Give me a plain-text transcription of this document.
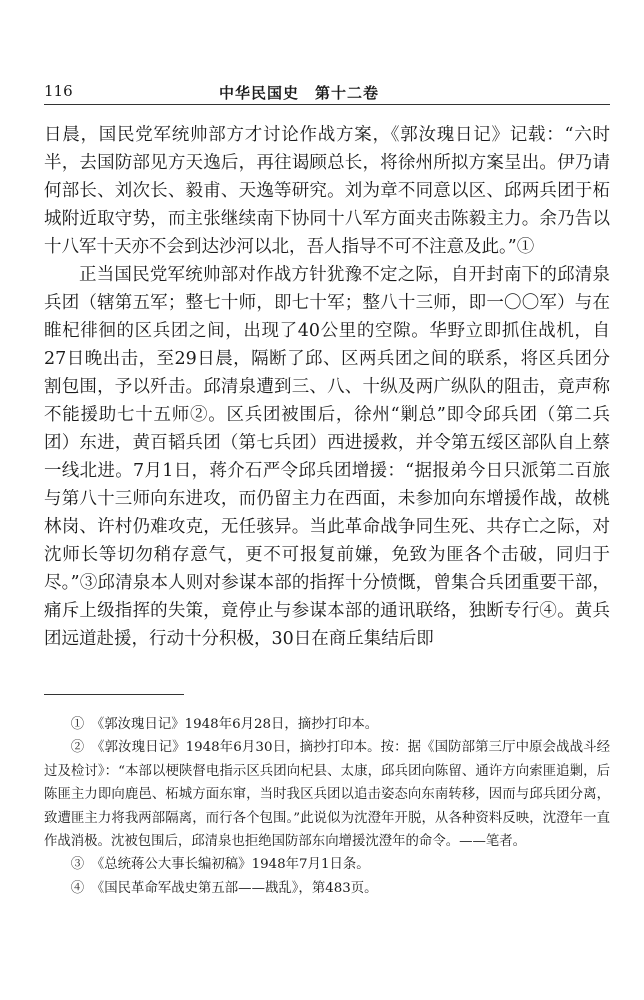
116	中华民国史　第十二卷

日晨，国民党军统帅部方才讨论作战方案，《郭汝瑰日记》记载：“六时半，去国防部见方天逸后，再往谒顾总长，将徐州所拟方案呈出。伊乃请何部长、刘次长、毅甫、天逸等研究。刘为章不同意以区、邱两兵团于柘城附近取守势，而主张继续南下协同十八军方面夹击陈毅主力。余乃告以十八军十天亦不会到达沙河以北，吾人指导不可不注意及此。”①

正当国民党军统帅部对作战方针犹豫不定之际，自开封南下的邱清泉兵团（辖第五军；整七十师，即七十军；整八十三师，即一〇〇军）与在睢杞徘徊的区兵团之间，出现了40公里的空隙。华野立即抓住战机，自27日晚出击，至29日晨，隔断了邱、区两兵团之间的联系，将区兵团分割包围，予以歼击。邱清泉遭到三、八、十纵及两广纵队的阻击，竟声称不能援助七十五师②。区兵团被围后，徐州“剿总”即令邱兵团（第二兵团）东进，黄百韬兵团（第七兵团）西进援救，并令第五绥区部队自上蔡一线北进。7月1日，蒋介石严令邱兵团增援：“据报弟今日只派第二百旅与第八十三师向东进攻，而仍留主力在西面，未参加向东增援作战，故桃林岗、许村仍难攻克，无任骇异。当此革命战争同生死、共存亡之际，对沈师长等切勿稍存意气，更不可报复前嫌，免致为匪各个击破，同归于尽。”③邱清泉本人则对参谋本部的指挥十分愤慨，曾集合兵团重要干部，痛斥上级指挥的失策，竟停止与参谋本部的通讯联络，独断专行④。黄兵团远道赴援，行动十分积极，30日在商丘集结后即

①　《郭汝瑰日记》1948年6月28日，摘抄打印本。

②　《郭汝瑰日记》1948年6月30日，摘抄打印本。按：据《国防部第三厅中原会战战斗经过及检讨》：“本部以梗陕督电指示区兵团向杞县、太康，邱兵团向陈留、通许方向索匪追剿，后陈匪主力即向鹿邑、柘城方面东窜，当时我区兵团以追击姿态向东南转移，因而与邱兵团分离，致遭匪主力将我两部隔离，而行各个包围。”此说似为沈澄年开脱，从各种资料反映，沈澄年一直作战消极。沈被包围后，邱清泉也拒绝国防部东向增援沈澄年的命令。——笔者。

③　《总统蒋公大事长编初稿》1948年7月1日条。

④　《国民革命军战史第五部——戡乱》，第483页。
